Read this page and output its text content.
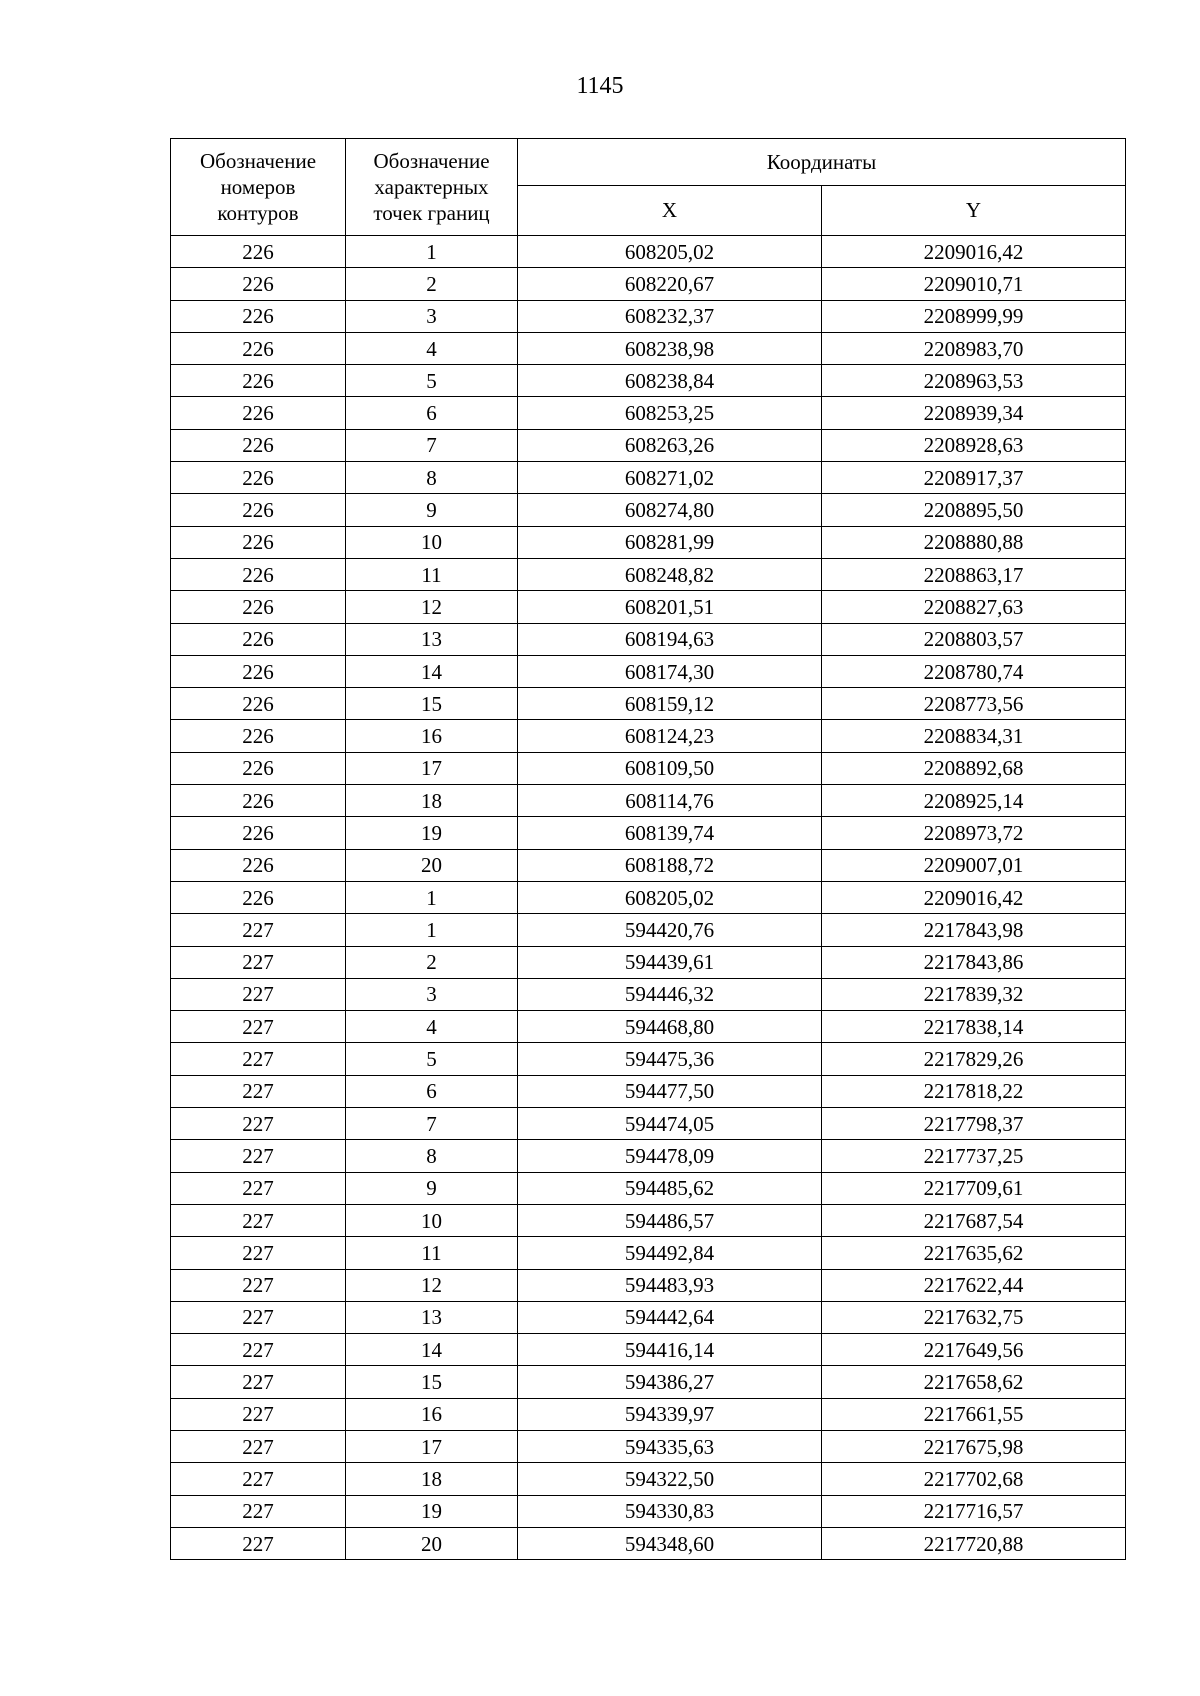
1145
Обозначение
номеров
контуров	Обозначение
характерных
точек границ	Координаты	
		X	Y
226	1	608205,02	2209016,42
226	2	608220,67	2209010,71
226	3	608232,37	2208999,99
226	4	608238,98	2208983,70
226	5	608238,84	2208963,53
226	6	608253,25	2208939,34
226	7	608263,26	2208928,63
226	8	608271,02	2208917,37
226	9	608274,80	2208895,50
226	10	608281,99	2208880,88
226	11	608248,82	2208863,17
226	12	608201,51	2208827,63
226	13	608194,63	2208803,57
226	14	608174,30	2208780,74
226	15	608159,12	2208773,56
226	16	608124,23	2208834,31
226	17	608109,50	2208892,68
226	18	608114,76	2208925,14
226	19	608139,74	2208973,72
226	20	608188,72	2209007,01
226	1	608205,02	2209016,42
227	1	594420,76	2217843,98
227	2	594439,61	2217843,86
227	3	594446,32	2217839,32
227	4	594468,80	2217838,14
227	5	594475,36	2217829,26
227	6	594477,50	2217818,22
227	7	594474,05	2217798,37
227	8	594478,09	2217737,25
227	9	594485,62	2217709,61
227	10	594486,57	2217687,54
227	11	594492,84	2217635,62
227	12	594483,93	2217622,44
227	13	594442,64	2217632,75
227	14	594416,14	2217649,56
227	15	594386,27	2217658,62
227	16	594339,97	2217661,55
227	17	594335,63	2217675,98
227	18	594322,50	2217702,68
227	19	594330,83	2217716,57
227	20	594348,60	2217720,88
